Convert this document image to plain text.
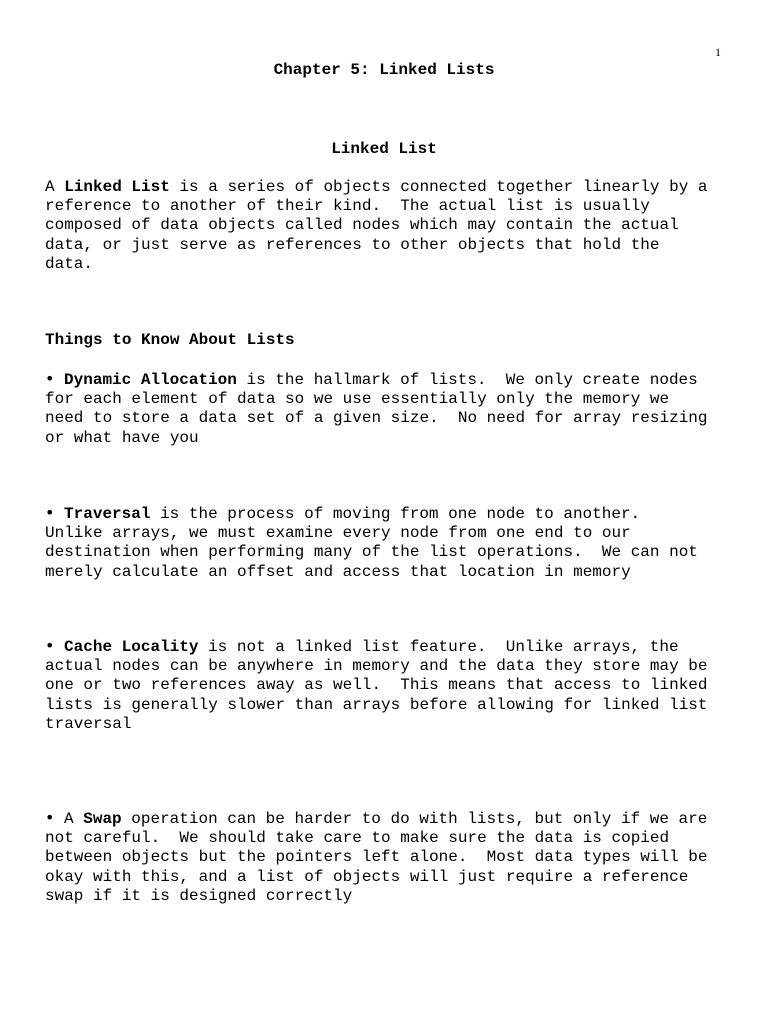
1
Chapter 5: Linked Lists
Linked List
A Linked List is a series of objects connected together linearly by a
reference to another of their kind.  The actual list is usually
composed of data objects called nodes which may contain the actual
data, or just serve as references to other objects that hold the
data.
Things to Know About Lists
• Dynamic Allocation is the hallmark of lists.  We only create nodes
for each element of data so we use essentially only the memory we
need to store a data set of a given size.  No need for array resizing
or what have you
• Traversal is the process of moving from one node to another.
Unlike arrays, we must examine every node from one end to our
destination when performing many of the list operations.  We can not
merely calculate an offset and access that location in memory
• Cache Locality is not a linked list feature.  Unlike arrays, the
actual nodes can be anywhere in memory and the data they store may be
one or two references away as well.  This means that access to linked
lists is generally slower than arrays before allowing for linked list
traversal
• A Swap operation can be harder to do with lists, but only if we are
not careful.  We should take care to make sure the data is copied
between objects but the pointers left alone.  Most data types will be
okay with this, and a list of objects will just require a reference
swap if it is designed correctly
